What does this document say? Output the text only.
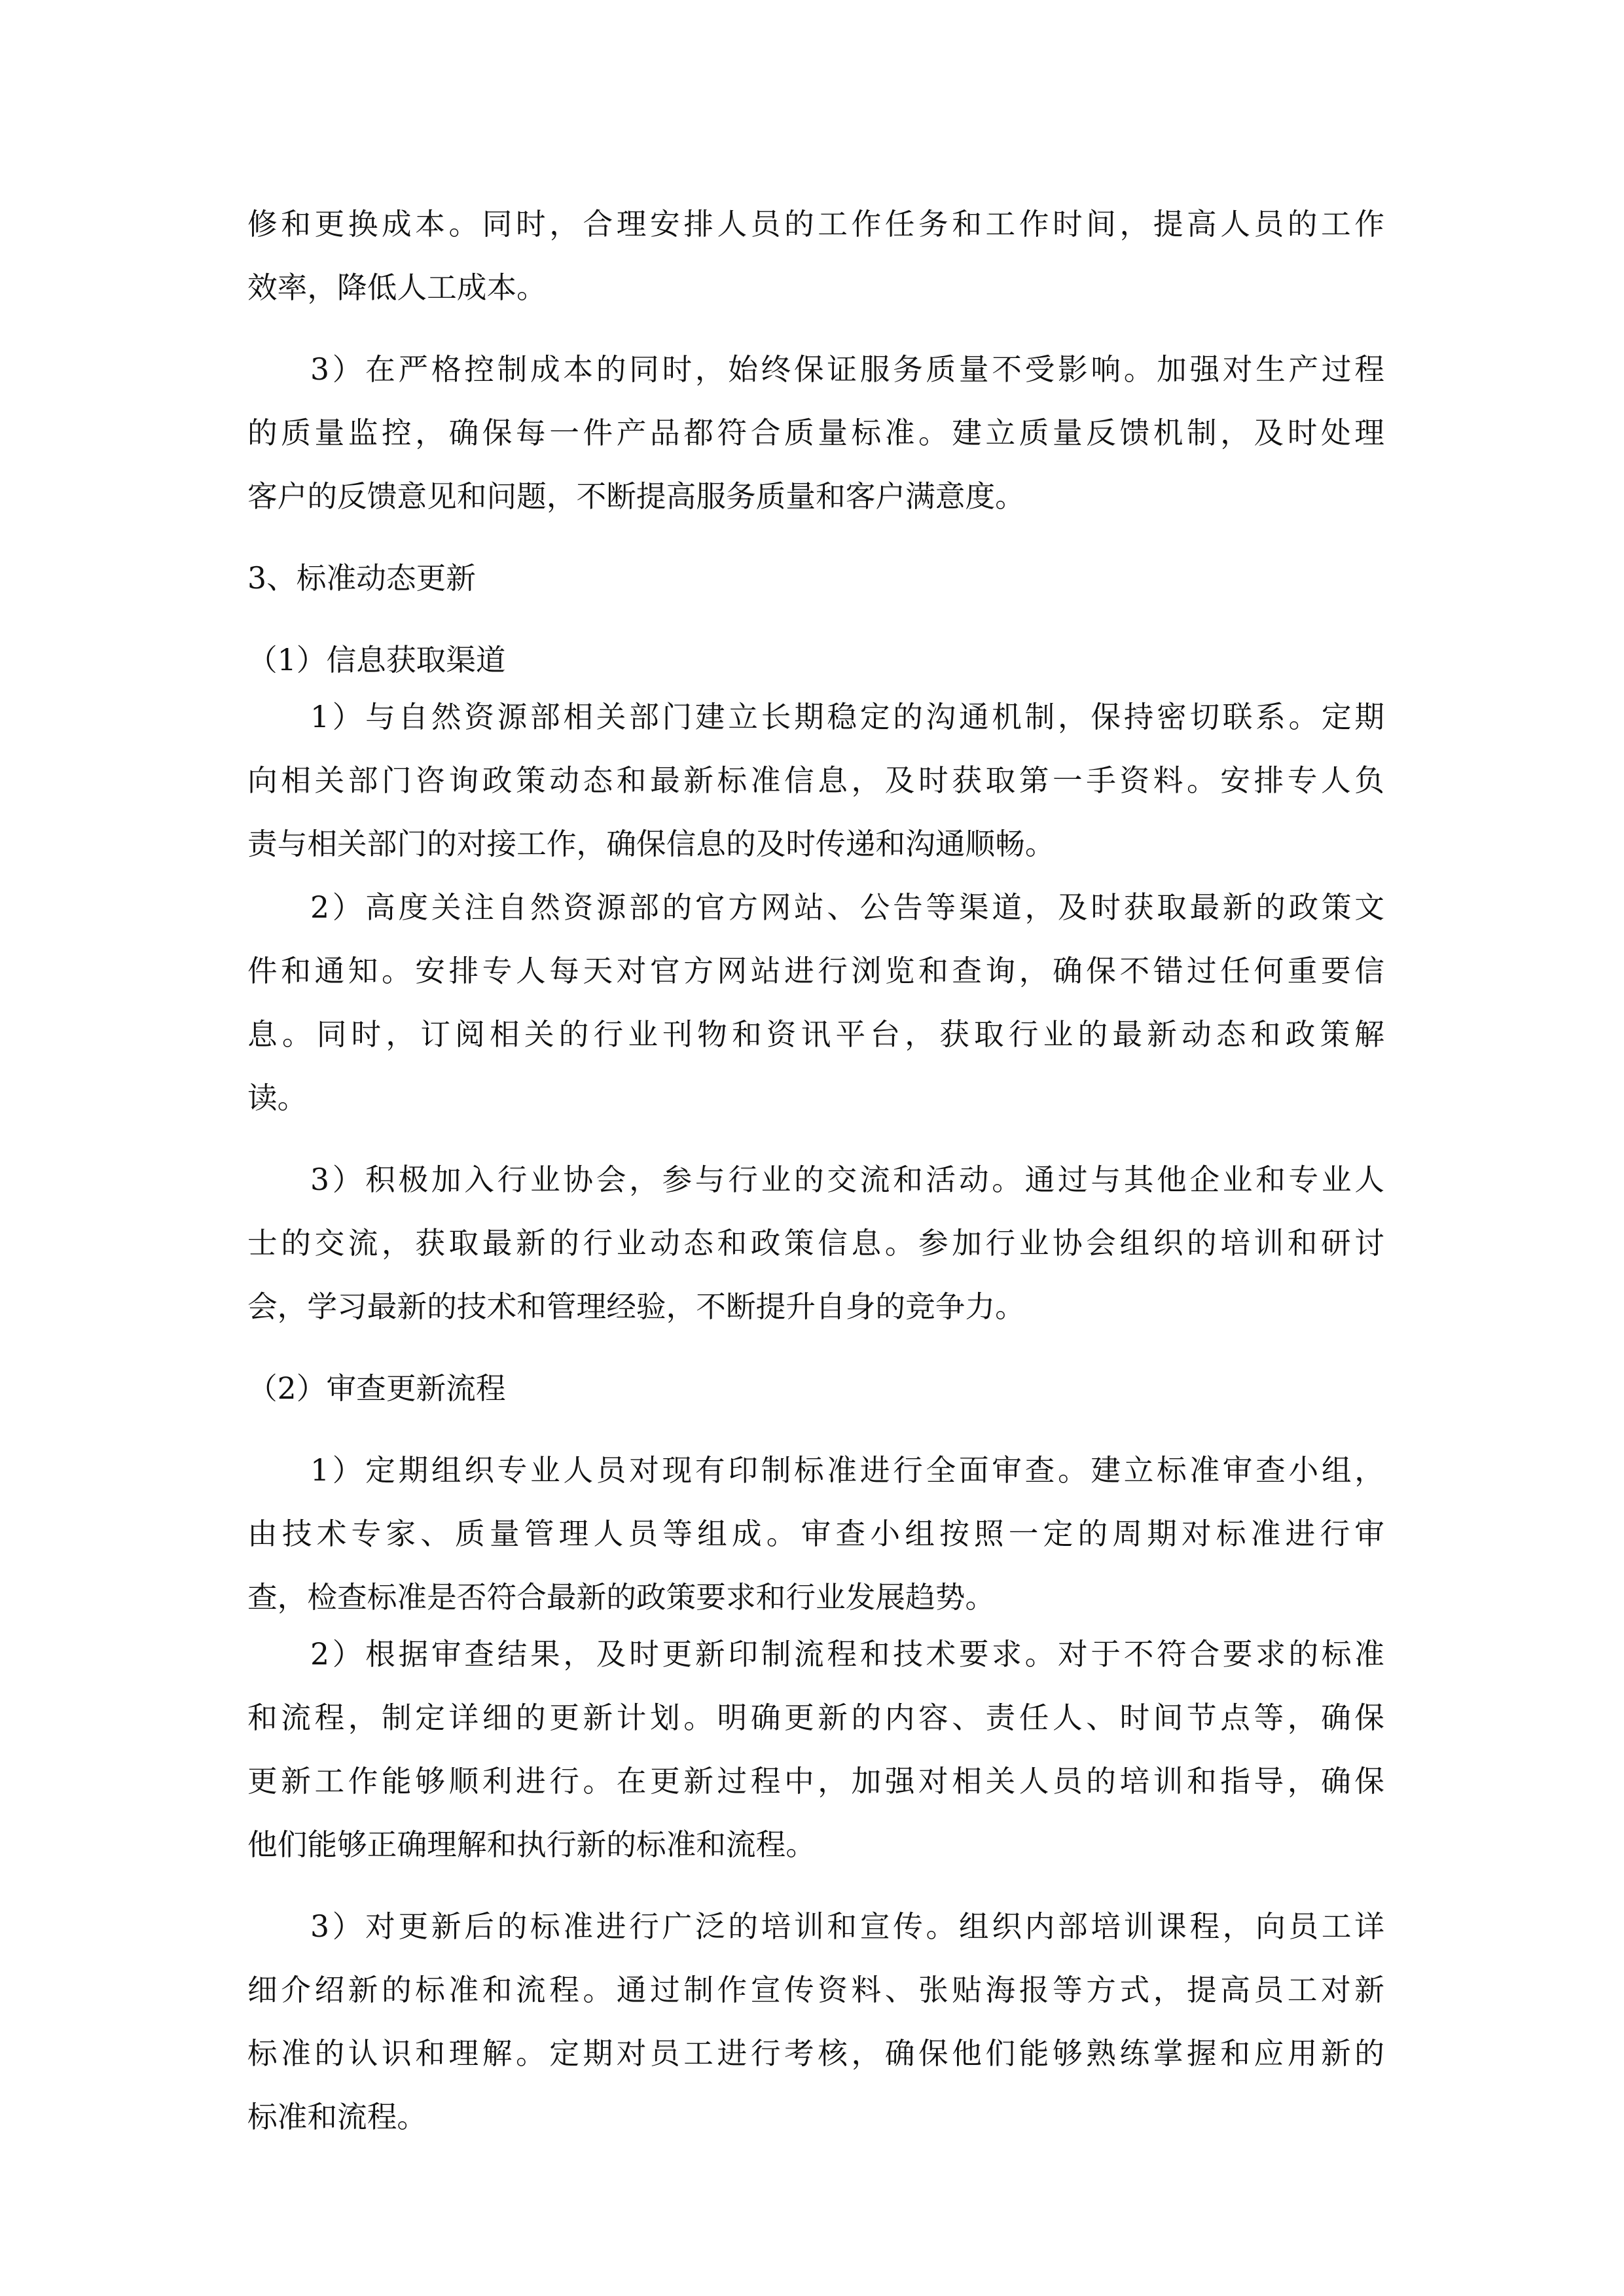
修和更换成本。同时，合理安排人员的工作任务和工作时间，提高人员的工作
效率，降低人工成本。
3）在严格控制成本的同时，始终保证服务质量不受影响。加强对生产过程
的质量监控，确保每一件产品都符合质量标准。建立质量反馈机制，及时处理
客户的反馈意见和问题，不断提高服务质量和客户满意度。
3、标准动态更新
（1）信息获取渠道
1）与自然资源部相关部门建立长期稳定的沟通机制，保持密切联系。定期
向相关部门咨询政策动态和最新标准信息，及时获取第一手资料。安排专人负
责与相关部门的对接工作，确保信息的及时传递和沟通顺畅。
2）高度关注自然资源部的官方网站、公告等渠道，及时获取最新的政策文
件和通知。安排专人每天对官方网站进行浏览和查询，确保不错过任何重要信
息。同时，订阅相关的行业刊物和资讯平台，获取行业的最新动态和政策解
读。
3）积极加入行业协会，参与行业的交流和活动。通过与其他企业和专业人
士的交流，获取最新的行业动态和政策信息。参加行业协会组织的培训和研讨
会，学习最新的技术和管理经验，不断提升自身的竞争力。
（2）审查更新流程
1）定期组织专业人员对现有印制标准进行全面审查。建立标准审查小组，
由技术专家、质量管理人员等组成。审查小组按照一定的周期对标准进行审
查，检查标准是否符合最新的政策要求和行业发展趋势。
2）根据审查结果，及时更新印制流程和技术要求。对于不符合要求的标准
和流程，制定详细的更新计划。明确更新的内容、责任人、时间节点等，确保
更新工作能够顺利进行。在更新过程中，加强对相关人员的培训和指导，确保
他们能够正确理解和执行新的标准和流程。
3）对更新后的标准进行广泛的培训和宣传。组织内部培训课程，向员工详
细介绍新的标准和流程。通过制作宣传资料、张贴海报等方式，提高员工对新
标准的认识和理解。定期对员工进行考核，确保他们能够熟练掌握和应用新的
标准和流程。
